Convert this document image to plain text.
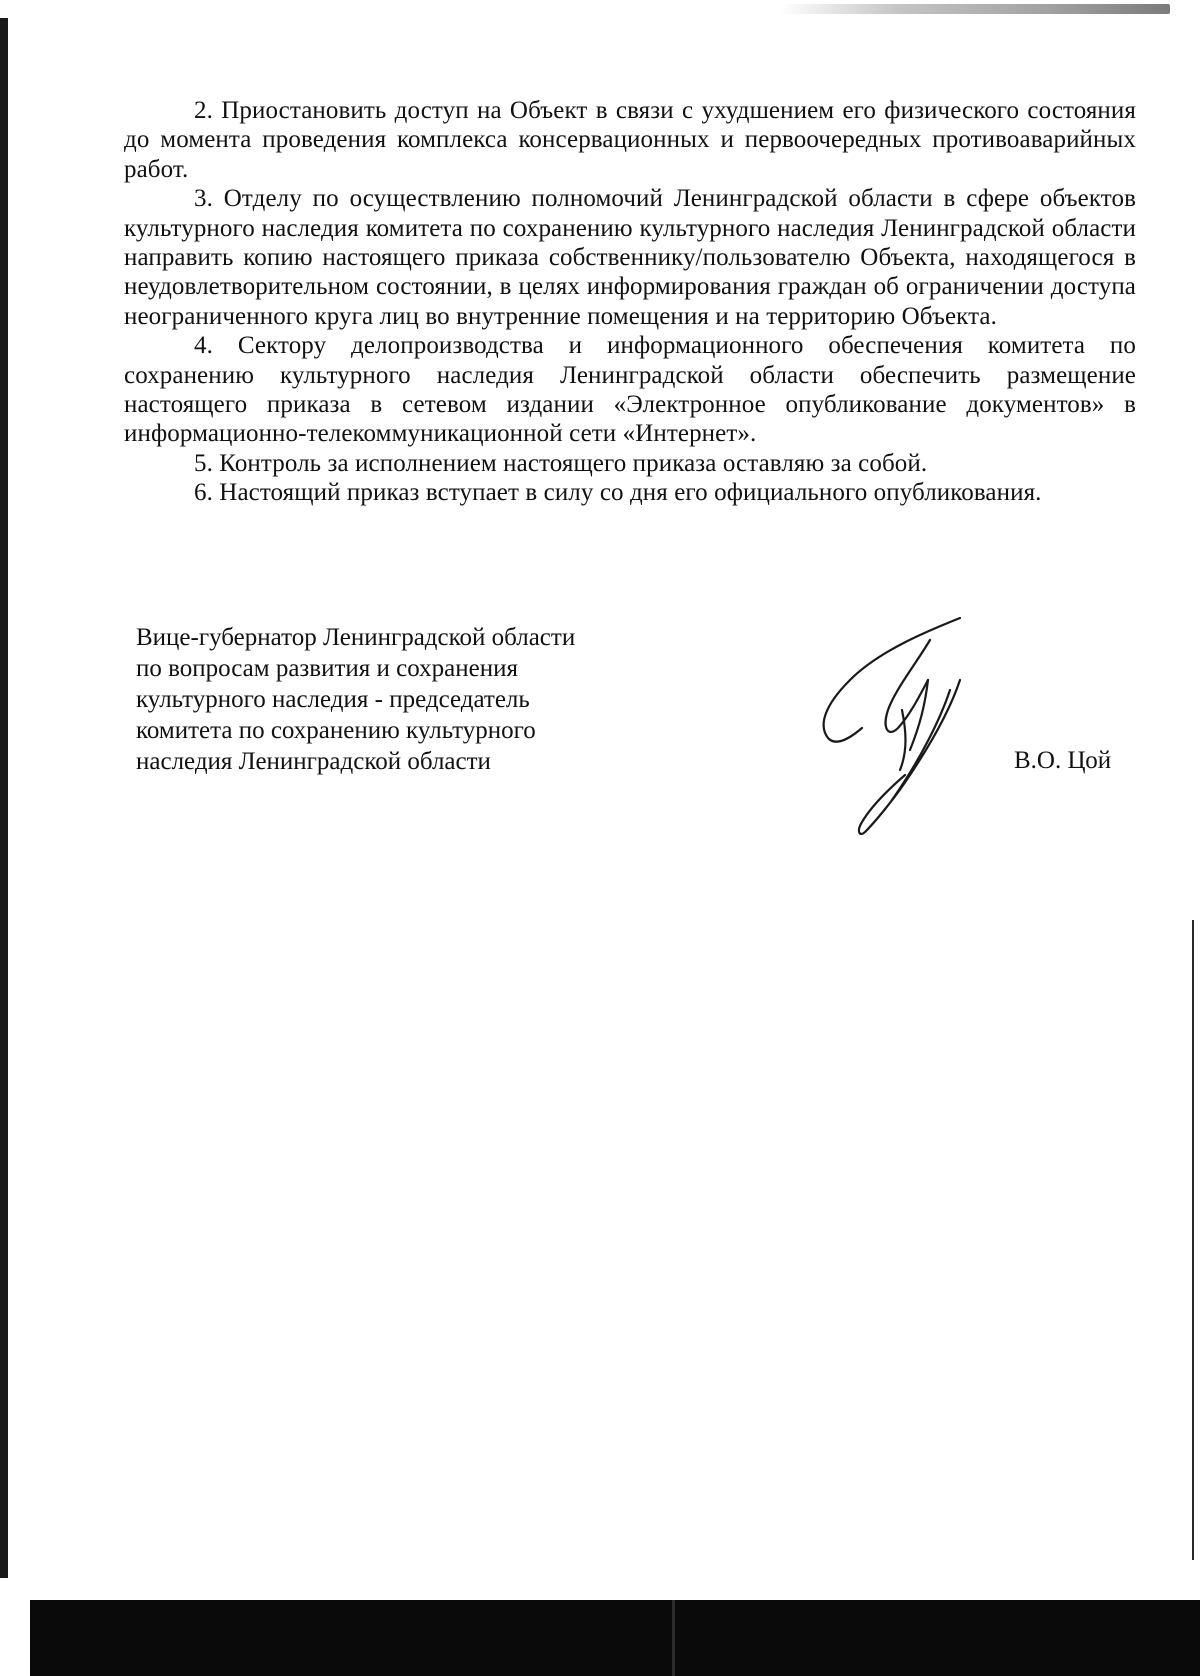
2. Приостановить доступ на Объект в связи с ухудшением его физического состояния до момента проведения комплекса консервационных и первоочередных противоаварийных работ.

3. Отделу по осуществлению полномочий Ленинградской области в сфере объектов культурного наследия комитета по сохранению культурного наследия Ленинградской области направить копию настоящего приказа собственнику/пользователю Объекта, находящегося в неудовлетворительном состоянии, в целях информирования граждан об ограничении доступа неограниченного круга лиц во внутренние помещения и на территорию Объекта.

4. Сектору делопроизводства и информационного обеспечения комитета по сохранению культурного наследия Ленинградской области обеспечить размещение настоящего приказа в сетевом издании «Электронное опубликование документов» в информационно-телекоммуникационной сети «Интернет».

5. Контроль за исполнением настоящего приказа оставляю за собой.

6. Настоящий приказ вступает в силу со дня его официального опубликования.

Вице-губернатор Ленинградской области
по вопросам развития и сохранения
культурного наследия - председатель
комитета по сохранению культурного
наследия Ленинградской области	В.О. Цой
